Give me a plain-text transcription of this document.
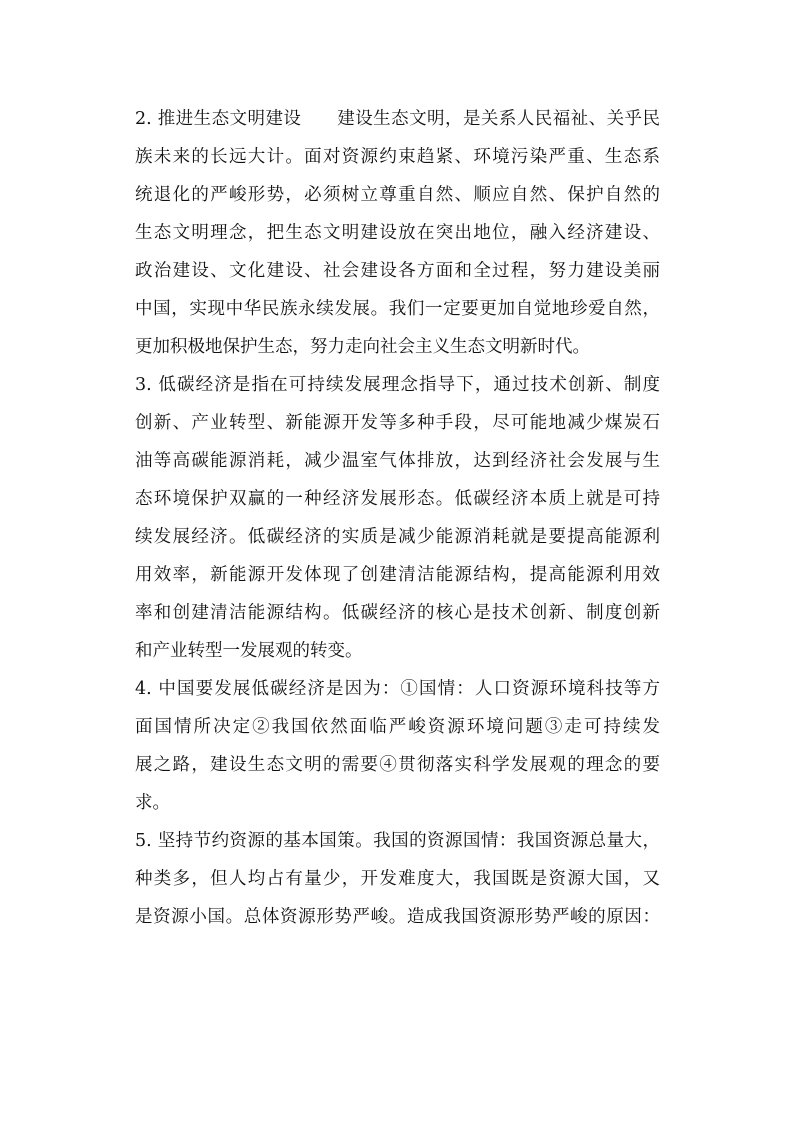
2. 推进生态文明建设　　建设生态文明，是关系人民福祉、关乎民
族未来的长远大计。面对资源约束趋紧、环境污染严重、生态系
统退化的严峻形势，必须树立尊重自然、顺应自然、保护自然的
生态文明理念，把生态文明建设放在突出地位，融入经济建设、
政治建设、文化建设、社会建设各方面和全过程，努力建设美丽
中国，实现中华民族永续发展。我们一定要更加自觉地珍爱自然，
更加积极地保护生态，努力走向社会主义生态文明新时代。
3. 低碳经济是指在可持续发展理念指导下，通过技术创新、制度
创新、产业转型、新能源开发等多种手段，尽可能地减少煤炭石
油等高碳能源消耗，减少温室气体排放，达到经济社会发展与生
态环境保护双赢的一种经济发展形态。低碳经济本质上就是可持
续发展经济。低碳经济的实质是减少能源消耗就是要提高能源利
用效率，新能源开发体现了创建清洁能源结构，提高能源利用效
率和创建清洁能源结构。低碳经济的核心是技术创新、制度创新
和产业转型一发展观的转变。
4. 中国要发展低碳经济是因为：①国情：人口资源环境科技等方
面国情所决定②我国依然面临严峻资源环境问题③走可持续发
展之路，建设生态文明的需要④贯彻落实科学发展观的理念的要
求。
5. 坚持节约资源的基本国策。我国的资源国情：我国资源总量大，
种类多，但人均占有量少，开发难度大，我国既是资源大国，又
是资源小国。总体资源形势严峻。造成我国资源形势严峻的原因：
